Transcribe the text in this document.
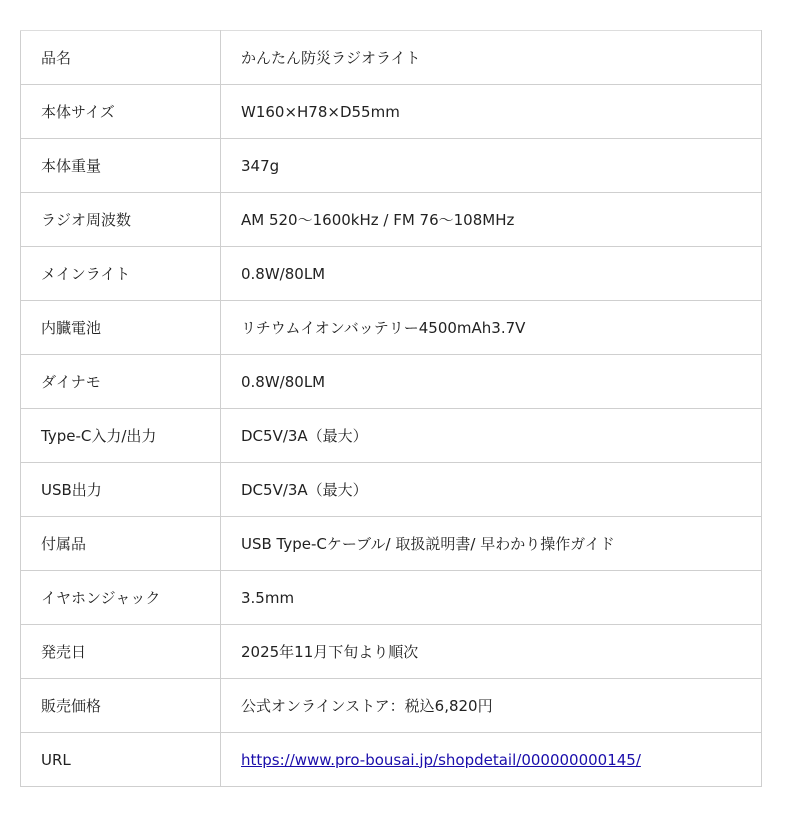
品名	かんたん防災ラジオライト
本体サイズ	W160×H78×D55mm
本体重量	347g
ラジオ周波数	AM 520〜1600kHz / FM 76〜108MHz
メインライト	0.8W/80LM
内臓電池	リチウムイオンバッテリー4500mAh3.7V
ダイナモ	0.8W/80LM
Type-C入力/出力	DC5V/3A（最大）
USB出力	DC5V/3A（最大）
付属品	USB Type-Cケーブル/ 取扱説明書/ 早わかり操作ガイド
イヤホンジャック	3.5mm
発売日	2025年11月下旬より順次
販売価格	公式オンラインストア：税込6,820円
URL	https://www.pro-bousai.jp/shopdetail/000000000145/
